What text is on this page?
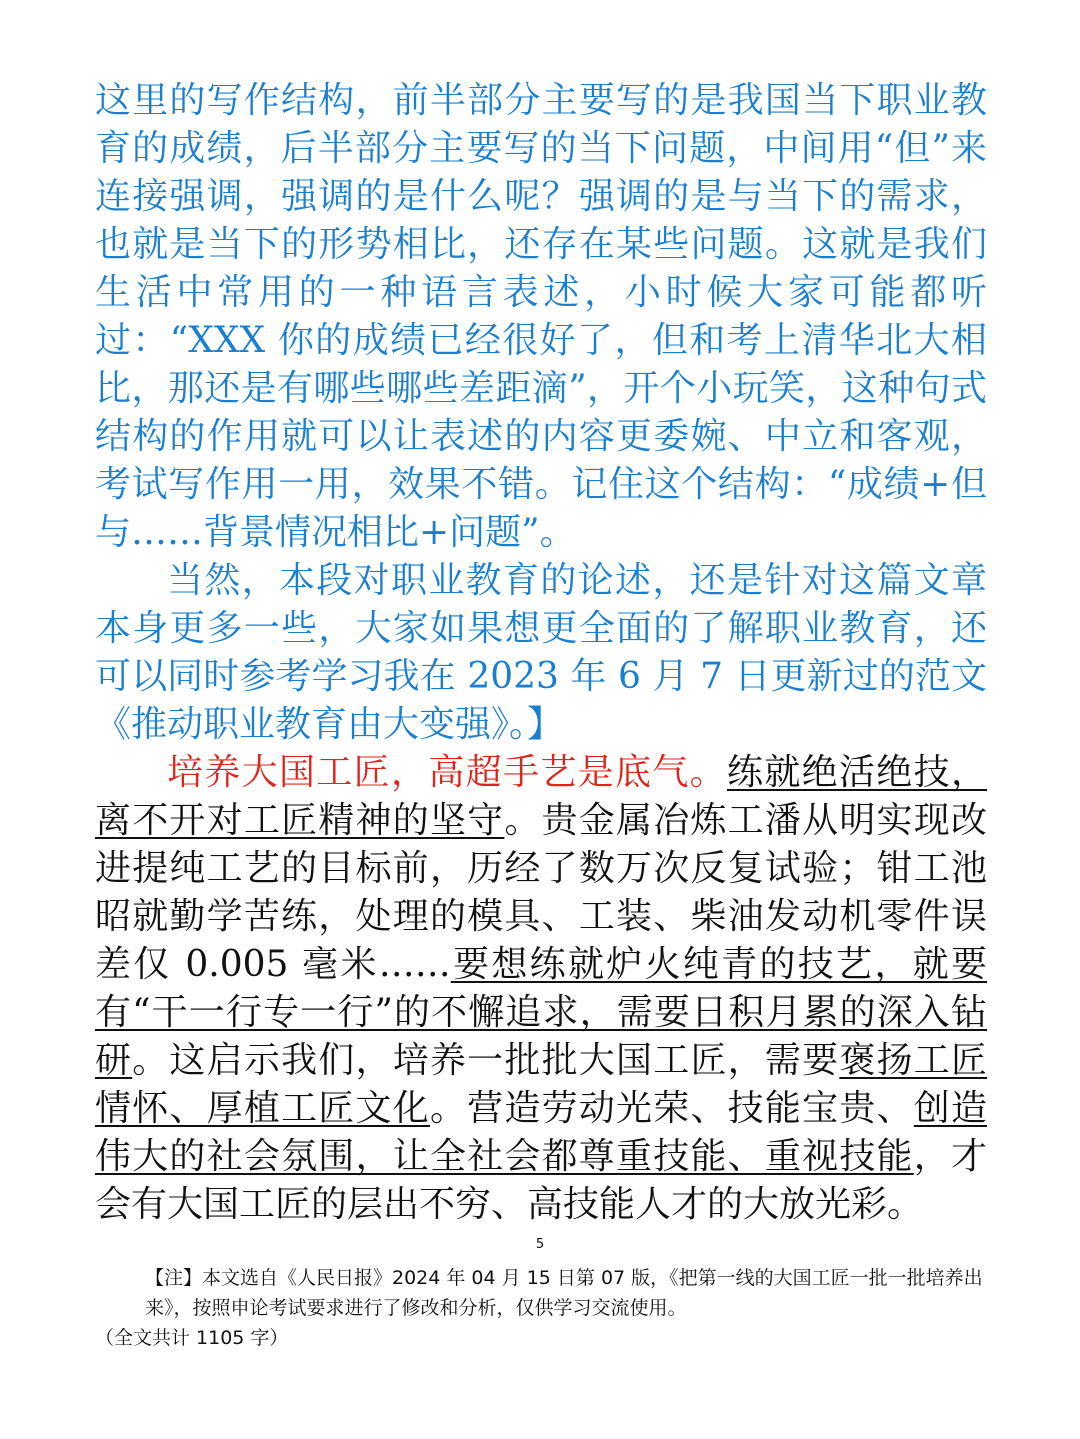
这里的写作结构，前半部分主要写的是我国当下职业教育的成绩，后半部分主要写的当下问题，中间用“但”来连接强调，强调的是什么呢？强调的是与当下的需求，也就是当下的形势相比，还存在某些问题。这就是我们生活中常用的一种语言表述，小时候大家可能都听过：“XXX 你的成绩已经很好了，但和考上清华北大相比，那还是有哪些哪些差距滴”，开个小玩笑，这种句式结构的作用就可以让表述的内容更委婉、中立和客观，考试写作用一用，效果不错。记住这个结构：“成绩+但与……背景情况相比+问题”。

当然，本段对职业教育的论述，还是针对这篇文章本身更多一些，大家如果想更全面的了解职业教育，还可以同时参考学习我在 2023 年 6 月 7 日更新过的范文《推动职业教育由大变强》。】

培养大国工匠，高超手艺是底气。练就绝活绝技，离不开对工匠精神的坚守。贵金属冶炼工潘从明实现改进提纯工艺的目标前，历经了数万次反复试验；钳工池昭就勤学苦练，处理的模具、工装、柴油发动机零件误差仅 0.005 毫米……要想练就炉火纯青的技艺，就要有“干一行专一行”的不懈追求，需要日积月累的深入钻研。这启示我们，培养一批批大国工匠，需要褒扬工匠情怀、厚植工匠文化。营造劳动光荣、技能宝贵、创造伟大的社会氛围，让全社会都尊重技能、重视技能，才会有大国工匠的层出不穷、高技能人才的大放光彩。

5
【注】本文选自《人民日报》2024 年 04 月 15 日第 07 版，《把第一线的大国工匠一批一批培养出来》，按照申论考试要求进行了修改和分析，仅供学习交流使用。
（全文共计 1105 字）
